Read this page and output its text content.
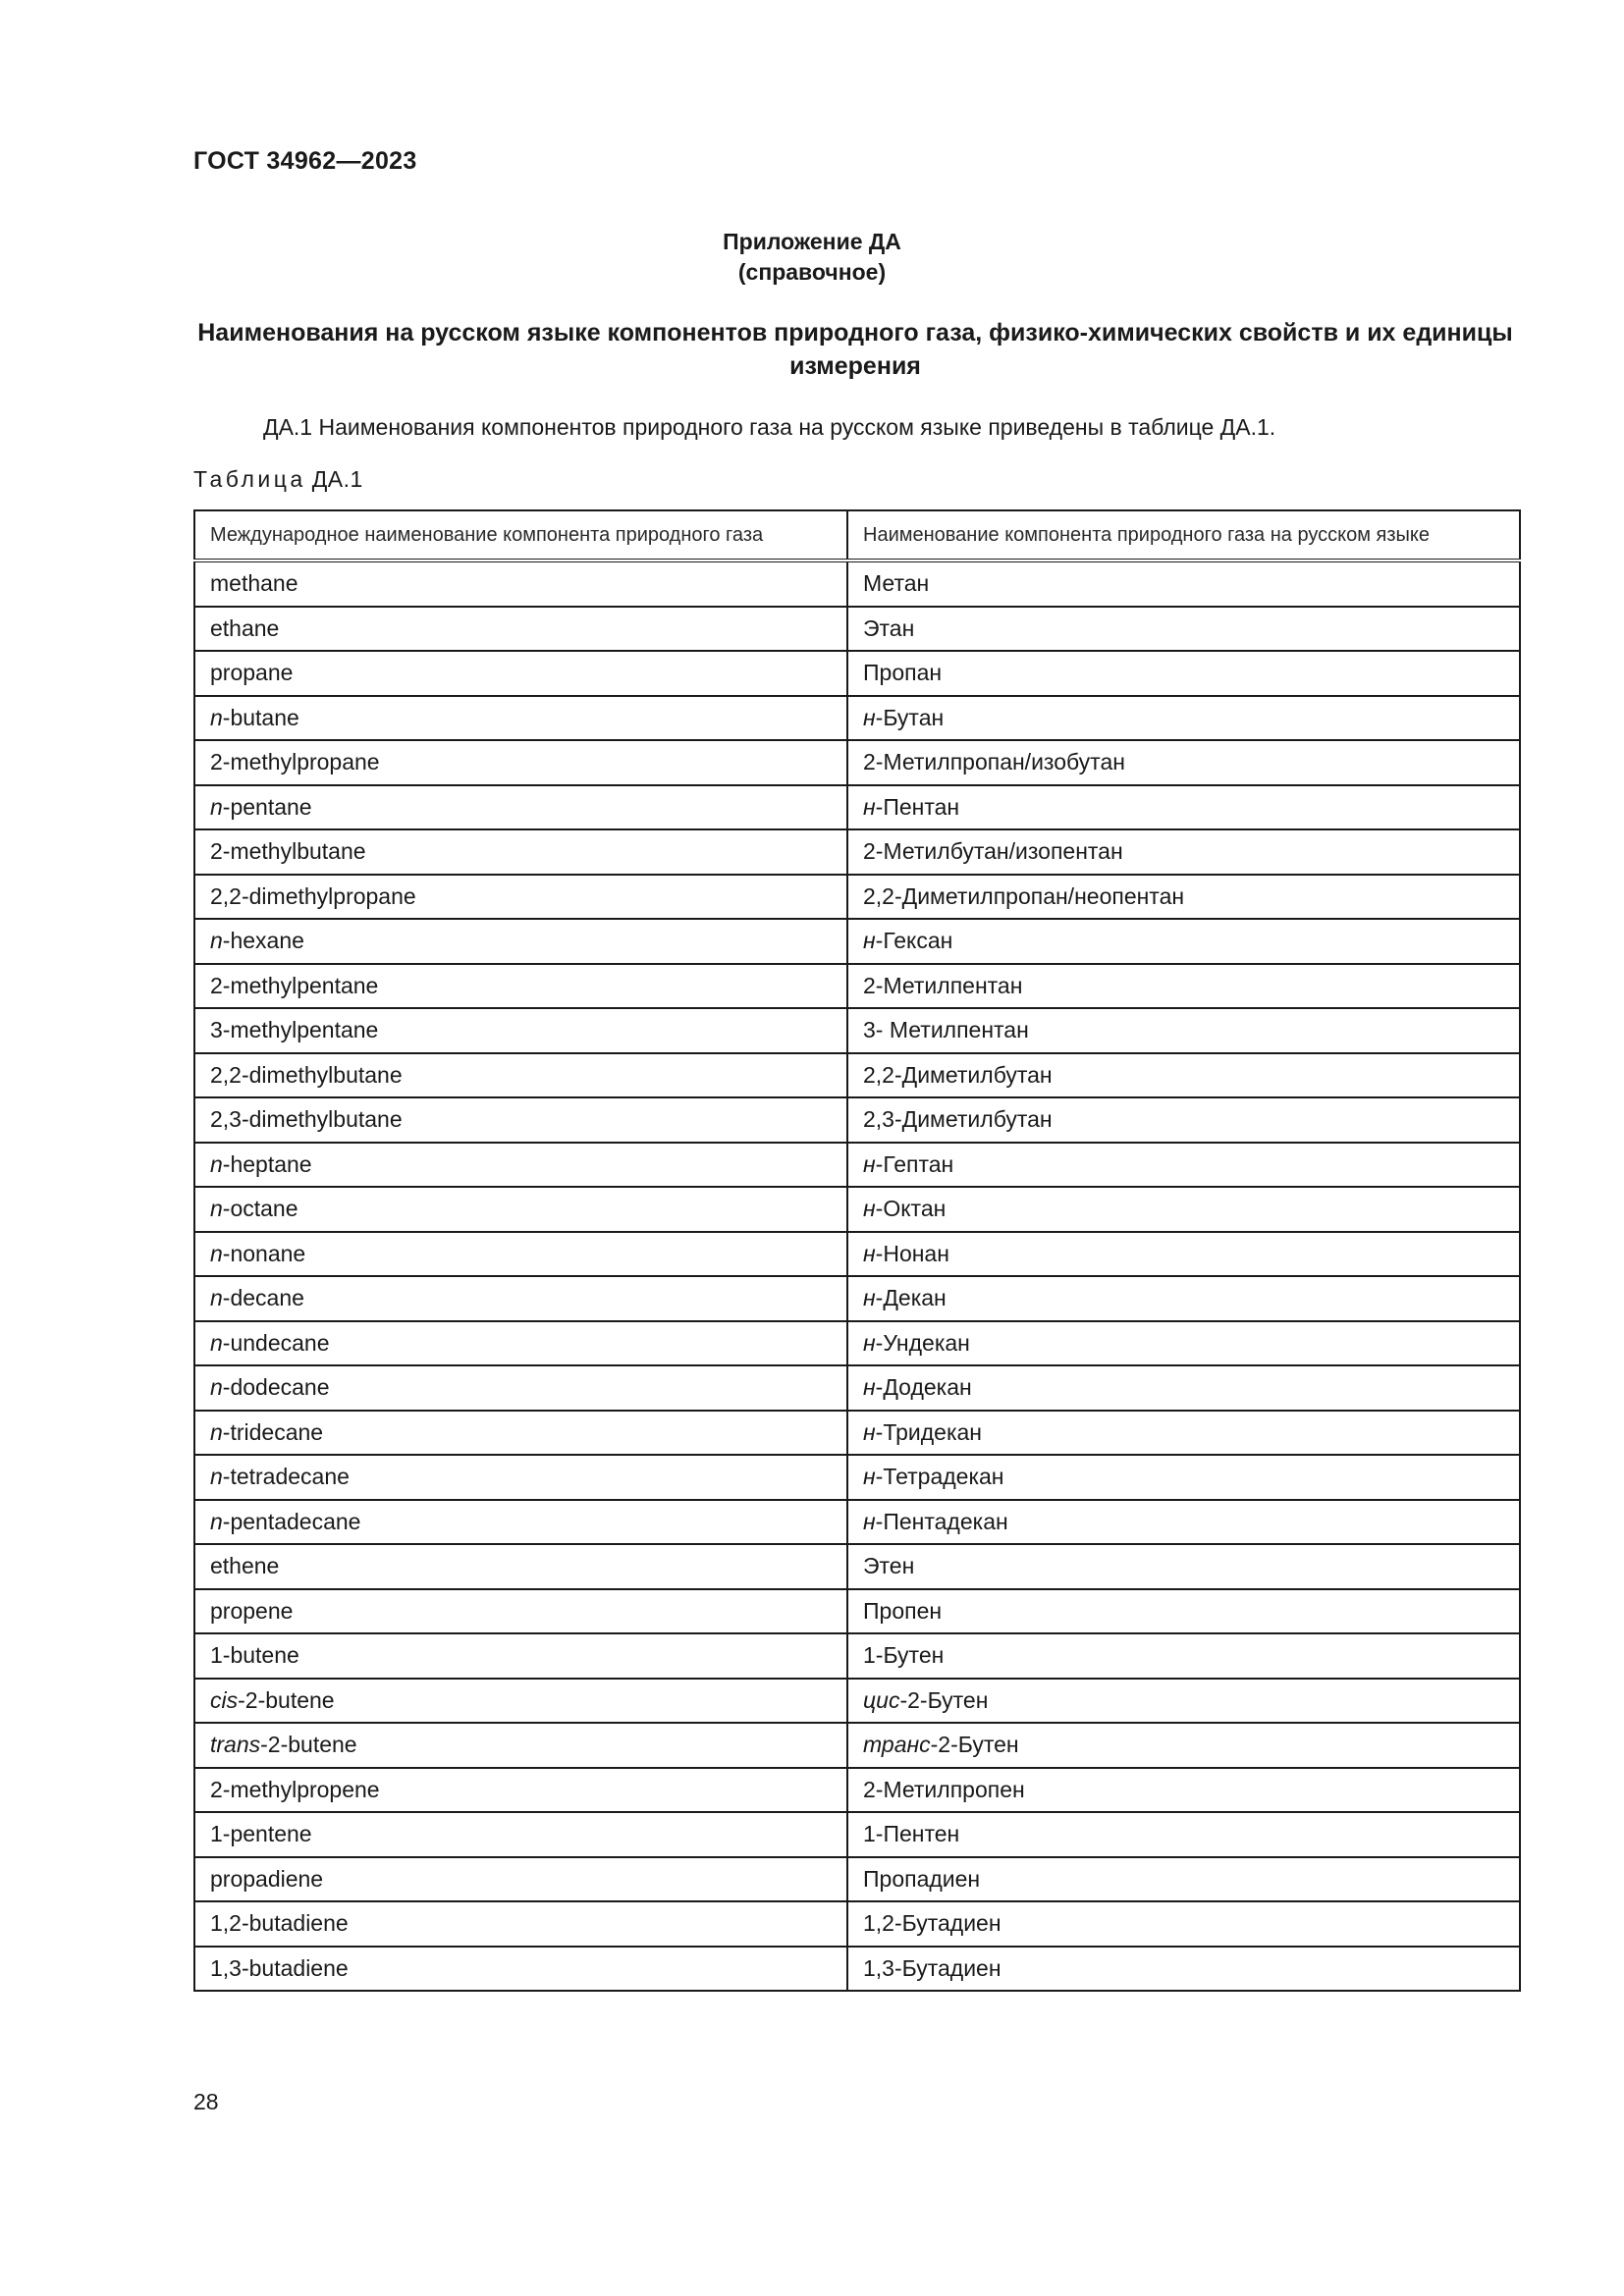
ГОСТ 34962—2023
Приложение ДА
(справочное)
Наименования на русском языке компонентов природного газа, физико-химических свойств и их единицы измерения
ДА.1 Наименования компонентов природного газа на русском языке приведены в таблице ДА.1.
Таблица ДА.1
Международное наименование компонента природного газа	Наименование компонента природного газа на русском языке
methane	Метан
ethane	Этан
propane	Пропан
n-butane	н-Бутан
2-methylpropane	2-Метилпропан/изобутан
n-pentane	н-Пентан
2-methylbutane	2-Метилбутан/изопентан
2,2-dimethylpropane	2,2-Диметилпропан/неопентан
n-hexane	н-Гексан
2-methylpentane	2-Метилпентан
3-methylpentane	3- Метилпентан
2,2-dimethylbutane	2,2-Диметилбутан
2,3-dimethylbutane	2,3-Диметилбутан
n-heptane	н-Гептан
n-octane	н-Октан
n-nonane	н-Нонан
n-decane	н-Декан
n-undecane	н-Ундекан
n-dodecane	н-Додекан
n-tridecane	н-Тридекан
n-tetradecane	н-Тетрадекан
n-pentadecane	н-Пентадекан
ethene	Этен
propene	Пропен
1-butene	1-Бутен
cis-2-butene	цис-2-Бутен
trans-2-butene	транс-2-Бутен
2-methylpropene	2-Метилпропен
1-pentene	1-Пентен
propadiene	Пропадиен
1,2-butadiene	1,2-Бутадиен
1,3-butadiene	1,3-Бутадиен
28
